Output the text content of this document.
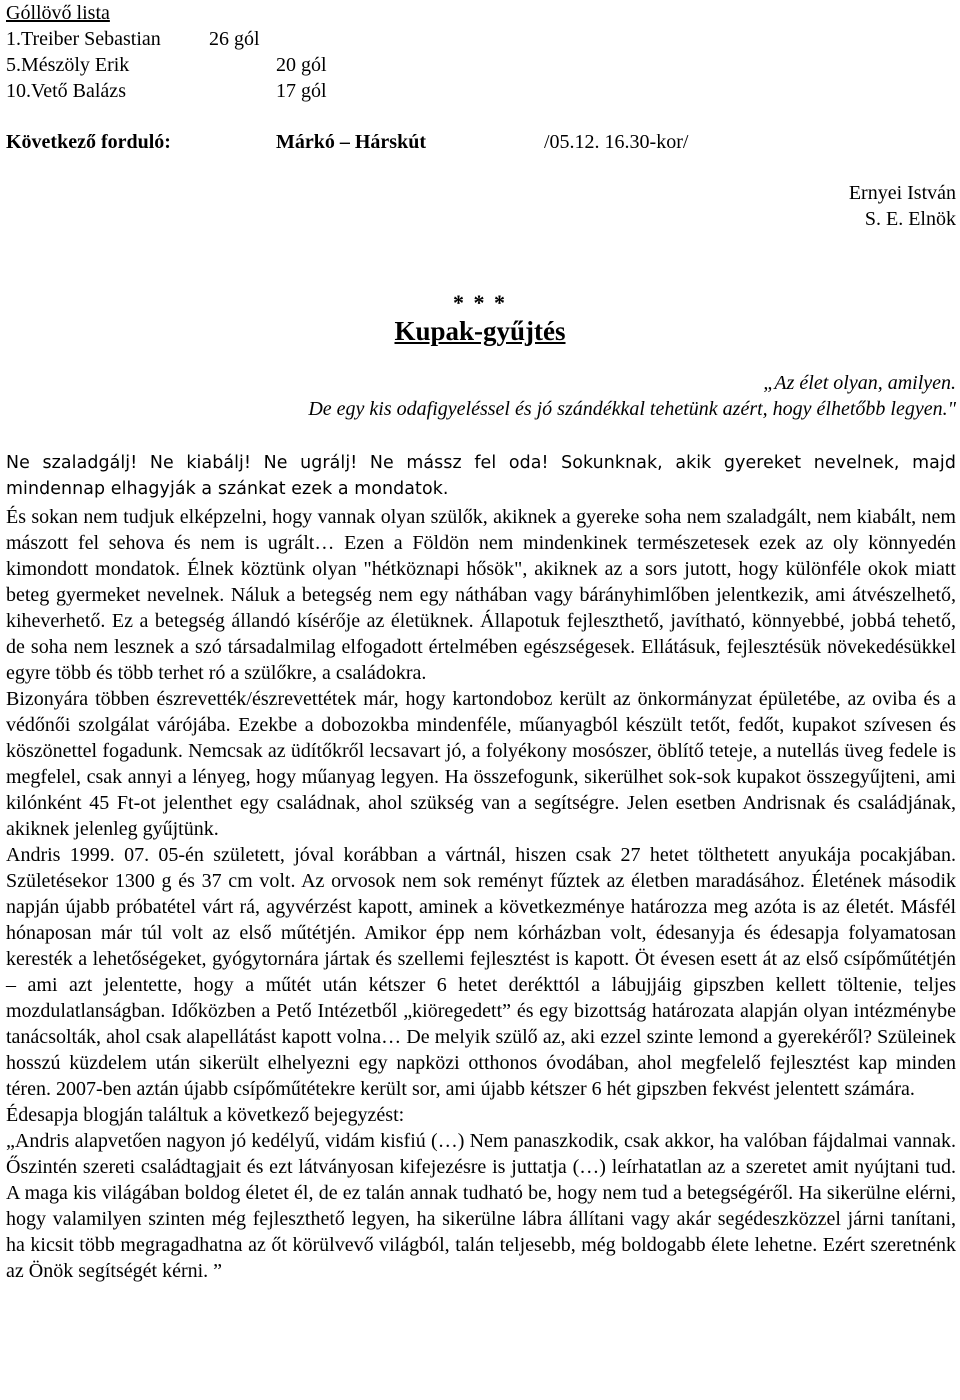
Góllövő lista
1.Treiber Sebastian 26 gól
5.Mészöly Erik	20 gól
10.Vető Balázs	17 gól
Következő forduló:	Márkó – Hárskút	/05.12. 16.30-kor/
Ernyei István
S. E. Elnök
* * *
Kupak-gyűjtés
„Az élet olyan, amilyen.
De egy kis odafigyeléssel és jó szándékkal tehetünk azért, hogy élhetőbb legyen."
Ne szaladgálj! Ne kiabálj! Ne ugrálj! Ne mássz fel oda! Sokunknak, akik gyereket nevelnek, majd mindennap elhagyják a szánkat ezek a mondatok.

És sokan nem tudjuk elképzelni, hogy vannak olyan szülők, akiknek a gyereke soha nem szaladgált, nem kiabált, nem mászott fel sehova és nem is ugrált… Ezen a Földön nem mindenkinek természetesek ezek az oly könnyedén kimondott mondatok. Élnek köztünk olyan "hétköznapi hősök", akiknek az a sors jutott, hogy különféle okok miatt beteg gyermeket nevelnek. Náluk a betegség nem egy náthában vagy bárányhimlőben jelentkezik, ami átvészelhető, kiheverhető. Ez a betegség állandó kísérője az életüknek. Állapotuk fejleszthető, javítható, könnyebbé, jobbá tehető, de soha nem lesznek a szó társadalmilag elfogadott értelmében egészségesek. Ellátásuk, fejlesztésük növekedésükkel egyre több és több terhet ró a szülőkre, a családokra.

Bizonyára többen észrevették/észrevettétek már, hogy kartondoboz került az önkormányzat épületébe, az oviba és a védőnői szolgálat várójába. Ezekbe a dobozokba mindenféle, műanyagból készült tetőt, fedőt, kupakot szívesen és köszönettel fogadunk. Nemcsak az üdítőkről lecsavart jó, a folyékony mosószer, öblítő teteje, a nutellás üveg fedele is megfelel, csak annyi a lényeg, hogy műanyag legyen. Ha összefogunk, sikerülhet sok-sok kupakot összegyűjteni, ami kilónként 45 Ft-ot jelenthet egy családnak, ahol szükség van a segítségre. Jelen esetben Andrisnak és családjának, akiknek jelenleg gyűjtünk.

Andris 1999. 07. 05-én született, jóval korábban a vártnál, hiszen csak 27 hetet tölthetett anyukája pocakjában. Születésekor 1300 g és 37 cm volt. Az orvosok nem sok reményt fűztek az életben maradásához. Életének második napján újabb próbatétel várt rá, agyvérzést kapott, aminek a következménye határozza meg azóta is az életét. Másfél hónaposan már túl volt az első műtétjén. Amikor épp nem kórházban volt, édesanyja és édesapja folyamatosan keresték a lehetőségeket, gyógytornára jártak és szellemi fejlesztést is kapott. Öt évesen esett át az első csípőműtétjén – ami azt jelentette, hogy a műtét után kétszer 6 hetet derékttól a lábujjáig gipszben kellett töltenie, teljes mozdulatlanságban. Időközben a Pető Intézetből „kiöregedett” és egy bizottság határozata alapján olyan intézménybe tanácsolták, ahol csak alapellátást kapott volna… De melyik szülő az, aki ezzel szinte lemond a gyerekéről? Szüleinek hosszú küzdelem után sikerült elhelyezni egy napközi otthonos óvodában, ahol megfelelő fejlesztést kap minden téren. 2007-ben aztán újabb csípőműtétekre került sor, ami újabb kétszer 6 hét gipszben fekvést jelentett számára.

Édesapja blogján találtuk a következő bejegyzést:

„Andris alapvetően nagyon jó kedélyű, vidám kisfiú (…) Nem panaszkodik, csak akkor, ha valóban fájdalmai vannak. Őszintén szereti családtagjait és ezt látványosan kifejezésre is juttatja (…) leírhatatlan az a szeretet amit nyújtani tud. A maga kis világában boldog életet él, de ez talán annak tudható be, hogy nem tud a betegségéről. Ha sikerülne elérni, hogy valamilyen szinten még fejleszthető legyen, ha sikerülne lábra állítani vagy akár segédeszközzel járni tanítani, ha kicsit több megragadhatna az őt körülvevő világból, talán teljesebb, még boldogabb élete lehetne. Ezért szeretnénk az Önök segítségét kérni. ”
